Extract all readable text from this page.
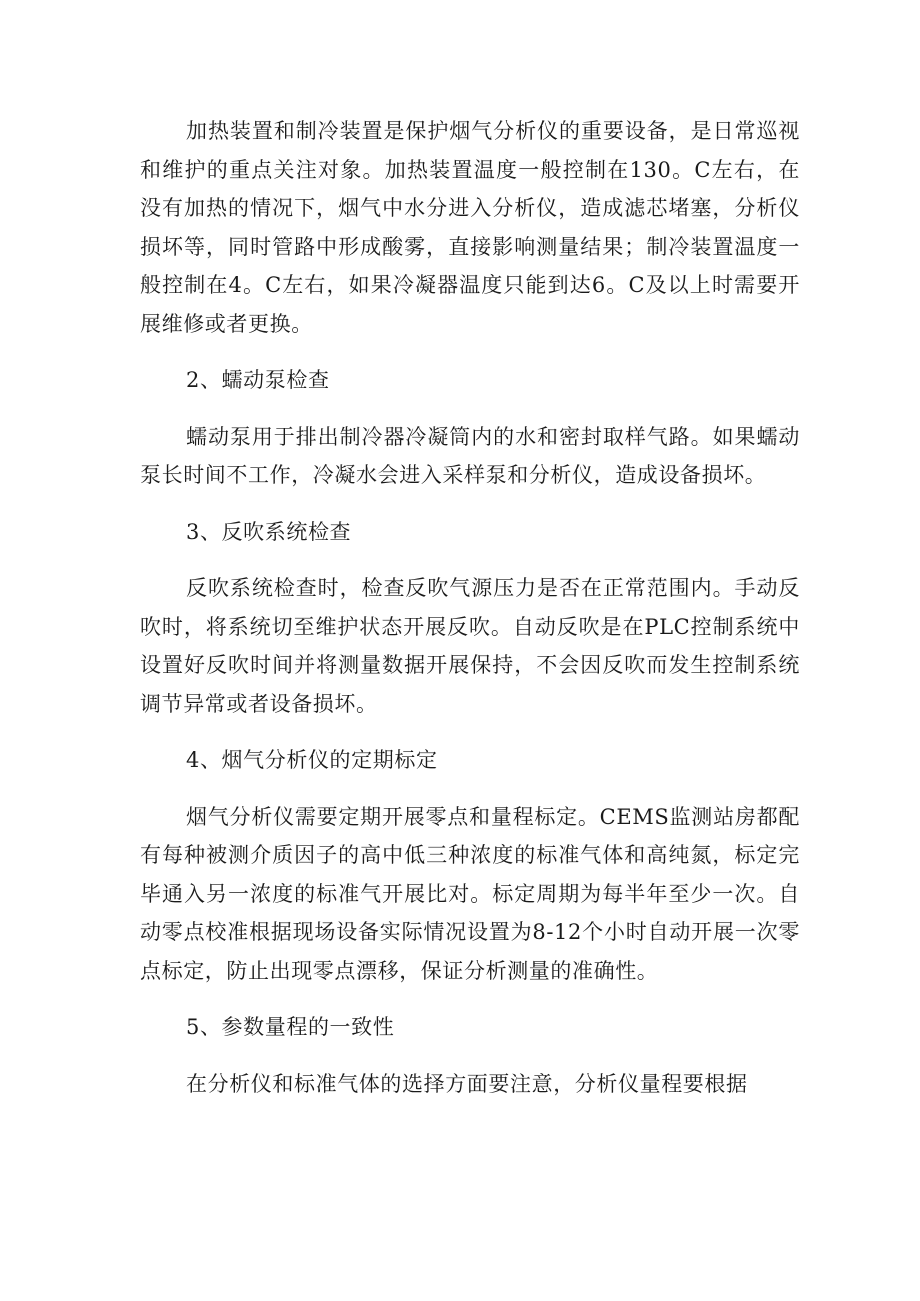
加热装置和制冷装置是保护烟气分析仪的重要设备，是日常巡视和维护的重点关注对象。加热装置温度一般控制在130。C左右，在没有加热的情况下，烟气中水分进入分析仪，造成滤芯堵塞，分析仪损坏等，同时管路中形成酸雾，直接影响测量结果；制冷装置温度一般控制在4。C左右，如果冷凝器温度只能到达6。C及以上时需要开展维修或者更换。

2、蠕动泵检查

蠕动泵用于排出制冷器冷凝筒内的水和密封取样气路。如果蠕动泵长时间不工作，冷凝水会进入采样泵和分析仪，造成设备损坏。

3、反吹系统检查

反吹系统检查时，检查反吹气源压力是否在正常范围内。手动反吹时，将系统切至维护状态开展反吹。自动反吹是在PLC控制系统中设置好反吹时间并将测量数据开展保持，不会因反吹而发生控制系统调节异常或者设备损坏。

4、烟气分析仪的定期标定

烟气分析仪需要定期开展零点和量程标定。CEMS监测站房都配有每种被测介质因子的高中低三种浓度的标准气体和高纯氮，标定完毕通入另一浓度的标准气开展比对。标定周期为每半年至少一次。自动零点校准根据现场设备实际情况设置为8-12个小时自动开展一次零点标定，防止出现零点漂移，保证分析测量的准确性。

5、参数量程的一致性

在分析仪和标准气体的选择方面要注意，分析仪量程要根据
